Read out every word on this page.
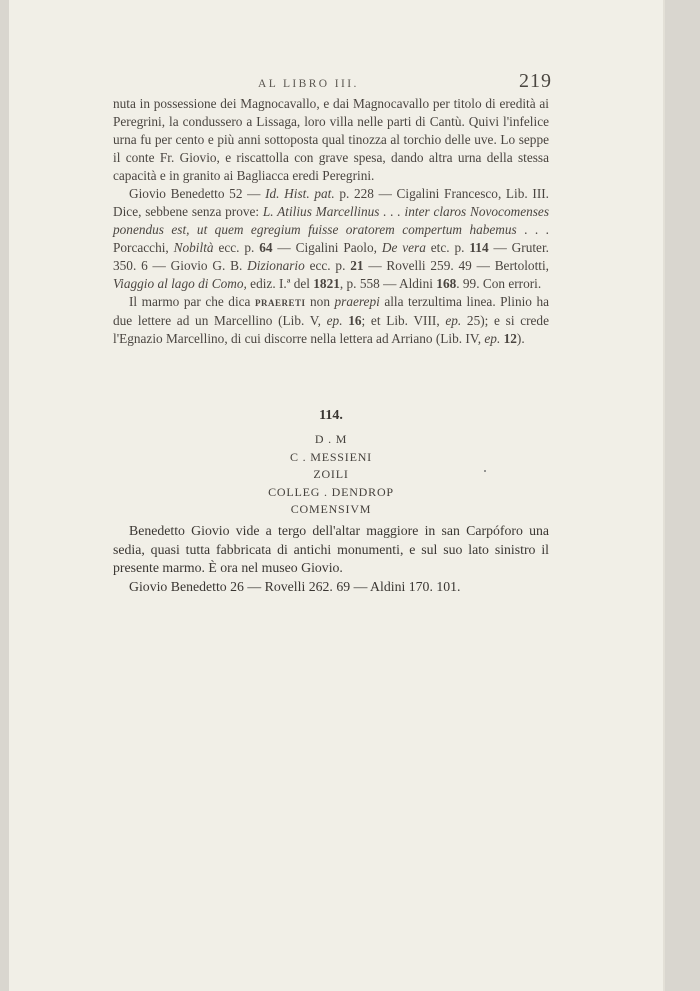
AL LIBRO III.	219

nuta in possessione dei Magnocavallo, e dai Magnocavallo per titolo di eredità ai Peregrini, la condussero a Lissaga, loro villa nelle parti di Cantù. Quivi l'infelice urna fu per cento e più anni sottoposta qual tinozza al torchio delle uve. Lo seppe il conte Fr. Giovio, e riscattolla con grave spesa, dando altra urna della stessa capacità e in granito ai Bagliacca eredi Peregrini.

Giovio Benedetto 52 — Id. Hist. pat. p. 228 — Cigalini Francesco, Lib. III. Dice, sebbene senza prove: L. Atilius Marcellinus . . . inter claros Novocomenses ponendus est, ut quem egregium fuisse oratorem compertum habemus . . . Porcacchi, Nobiltà ecc. p. 64 — Cigalini Paolo, De vera etc. p. 114 — Gruter. 350. 6 — Giovio G. B. Dizionario ecc. p. 21 — Rovelli 259. 49 — Bertolotti, Viaggio al lago di Como, ediz. I.ª del 1821, p. 558 — Aldini 168. 99. Con errori.

Il marmo par che dica PRAERETI non praerepi alla terzultima linea. Plinio ha due lettere ad un Marcellino (Lib. V, ep. 16; et Lib. VIII, ep. 25); e si crede l'Egnazio Marcellino, di cui discorre nella lettera ad Arriano (Lib. IV, ep. 12).

114.
D . M
C . MESSIENI
ZOILI
COLLEG . DENDROP
COMENSIVM

Benedetto Giovio vide a tergo dell'altar maggiore in san Carpóforo una sedia, quasi tutta fabbricata di antichi monumenti, e sul suo lato sinistro il presente marmo. È ora nel museo Giovio.

Giovio Benedetto 26 — Rovelli 262. 69 — Aldini 170. 101.
